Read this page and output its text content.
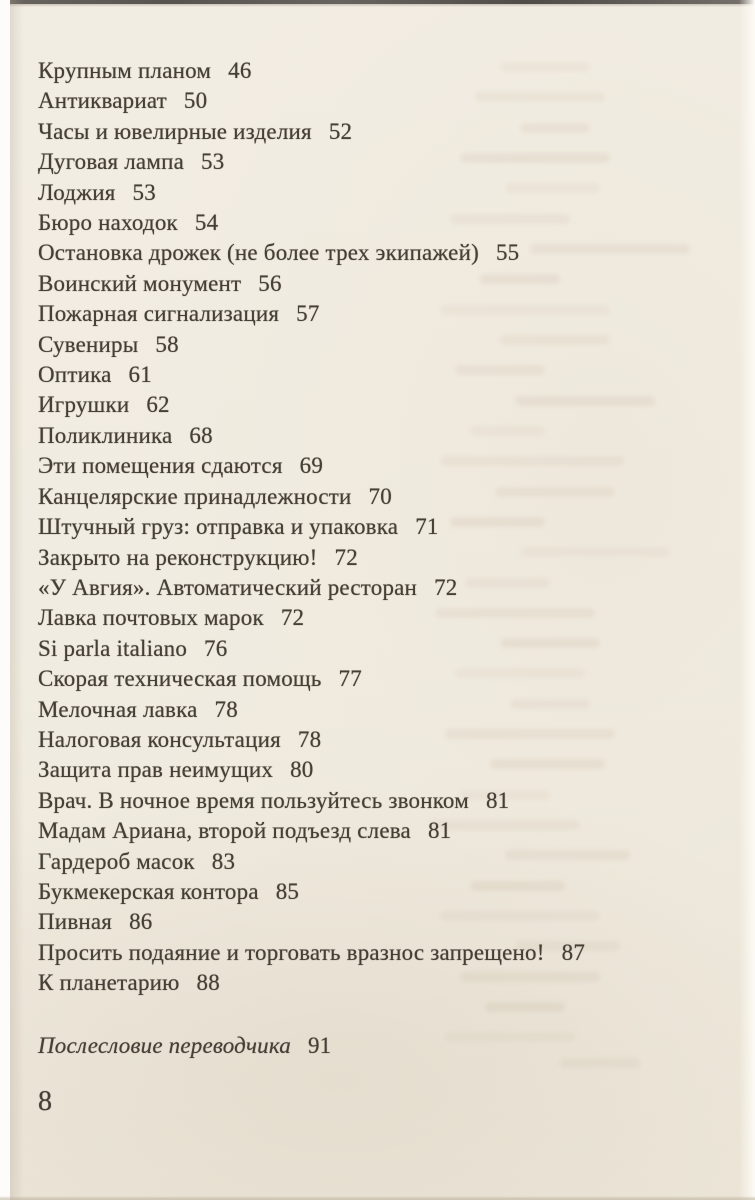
Крупным планом 46
Антиквариат 50
Часы и ювелирные изделия 52
Дуговая лампа 53
Лоджия 53
Бюро находок 54
Остановка дрожек (не более трех экипажей) 55
Воинский монумент 56
Пожарная сигнализация 57
Сувениры 58
Оптика 61
Игрушки 62
Поликлиника 68
Эти помещения сдаются 69
Канцелярские принадлежности 70
Штучный груз: отправка и упаковка 71
Закрыто на реконструкцию! 72
«У Авгия». Автоматический ресторан 72
Лавка почтовых марок 72
Si parla italiano 76
Скорая техническая помощь 77
Мелочная лавка 78
Налоговая консультация 78
Защита прав неимущих 80
Врач. В ночное время пользуйтесь звонком 81
Мадам Ариана, второй подъезд слева 81
Гардероб масок 83
Букмекерская контора 85
Пивная 86
Просить подаяние и торговать вразнос запрещено! 87
К планетарию 88
Послесловие переводчика 91
8
